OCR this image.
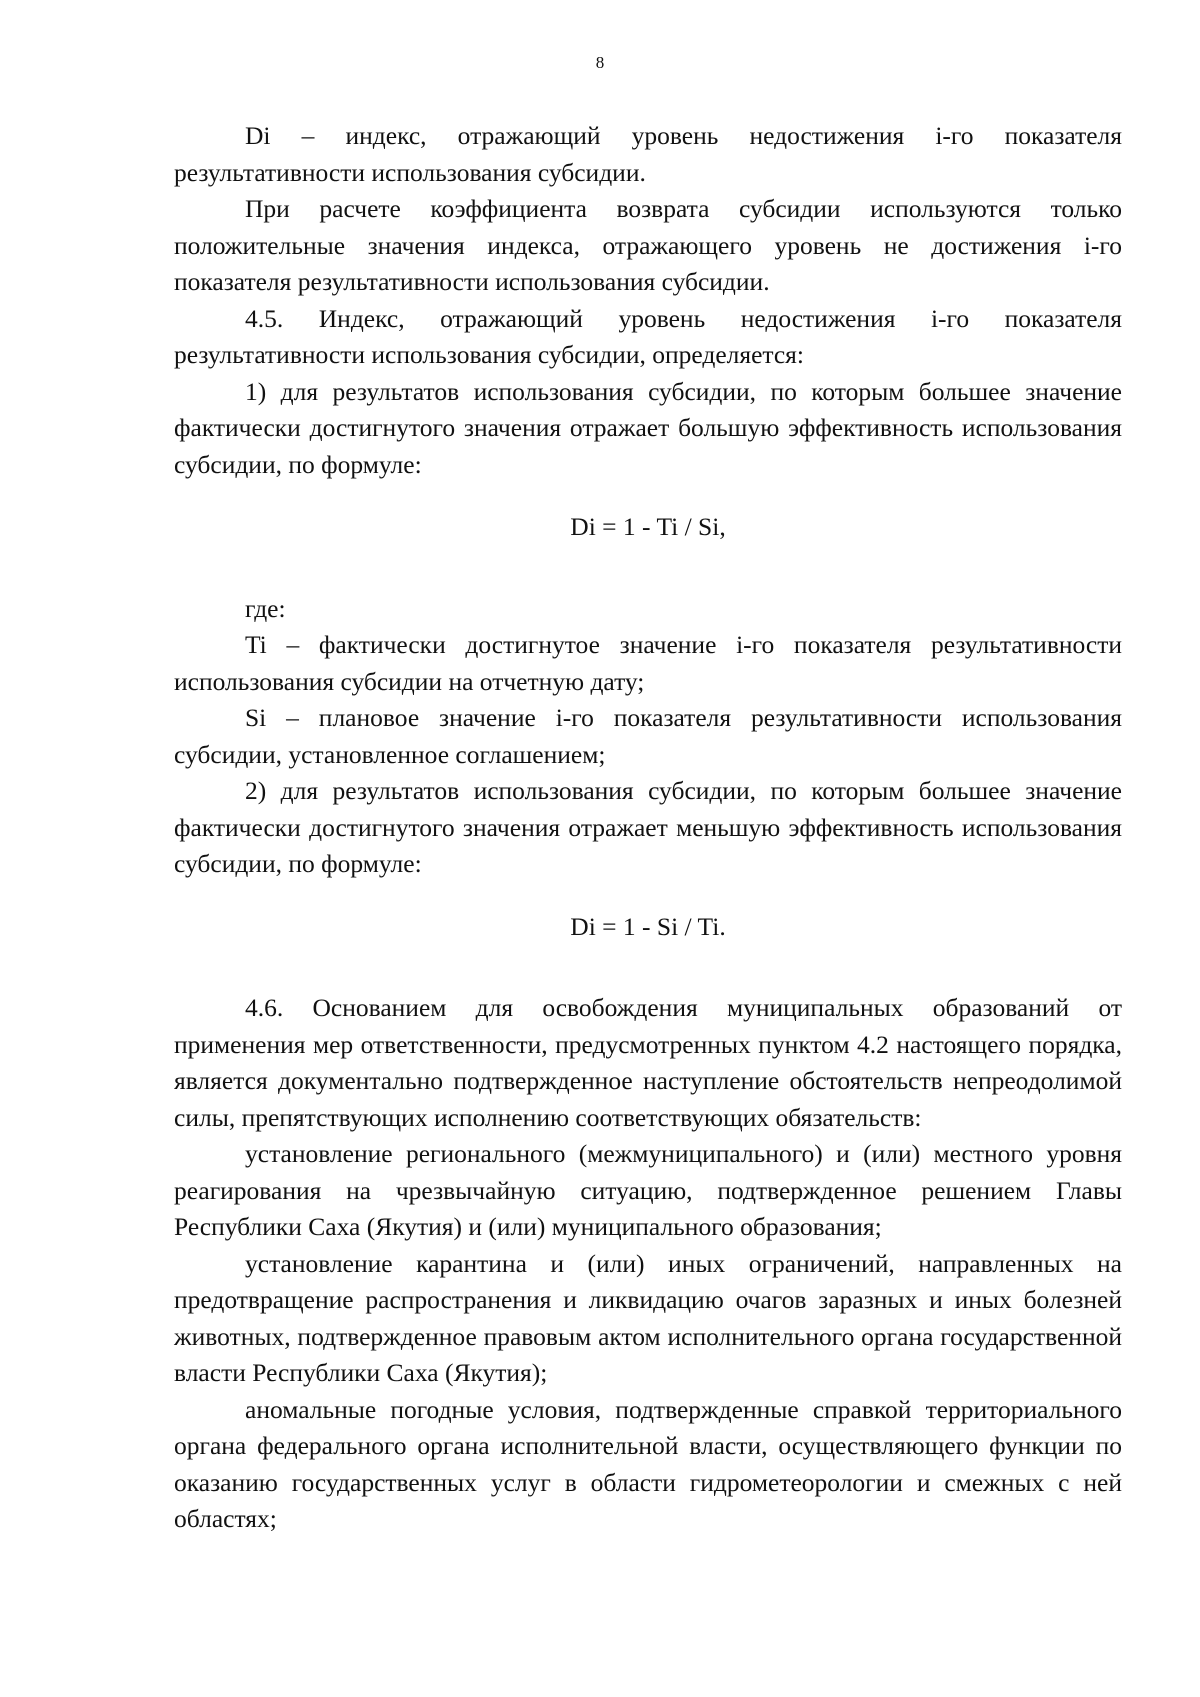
8

Di – индекс, отражающий уровень недостижения i-го показателя результативности использования субсидии.

При расчете коэффициента возврата субсидии используются только положительные значения индекса, отражающего уровень не достижения i-го показателя результативности использования субсидии.

4.5. Индекс, отражающий уровень недостижения i-го показателя результативности использования субсидии, определяется:

1) для результатов использования субсидии, по которым большее значение фактически достигнутого значения отражает большую эффективность использования субсидии, по формуле:

Di = 1 - Ti / Si,

где:

Ti – фактически достигнутое значение i-го показателя результативности использования субсидии на отчетную дату;

Si – плановое значение i-го показателя результативности использования субсидии, установленное соглашением;

2) для результатов использования субсидии, по которым большее значение фактически достигнутого значения отражает меньшую эффективность использования субсидии, по формуле:

Di = 1 - Si / Ti.

4.6. Основанием для освобождения муниципальных образований от применения мер ответственности, предусмотренных пунктом 4.2 настоящего порядка, является документально подтвержденное наступление обстоятельств непреодолимой силы, препятствующих исполнению соответствующих обязательств:

установление регионального (межмуниципального) и (или) местного уровня реагирования на чрезвычайную ситуацию, подтвержденное решением Главы Республики Саха (Якутия) и (или) муниципального образования;

установление карантина и (или) иных ограничений, направленных на предотвращение распространения и ликвидацию очагов заразных и иных болезней животных, подтвержденное правовым актом исполнительного органа государственной власти Республики Саха (Якутия);

аномальные погодные условия, подтвержденные справкой территориального органа федерального органа исполнительной власти, осуществляющего функции по оказанию государственных услуг в области гидрометеорологии и смежных с ней областях;
